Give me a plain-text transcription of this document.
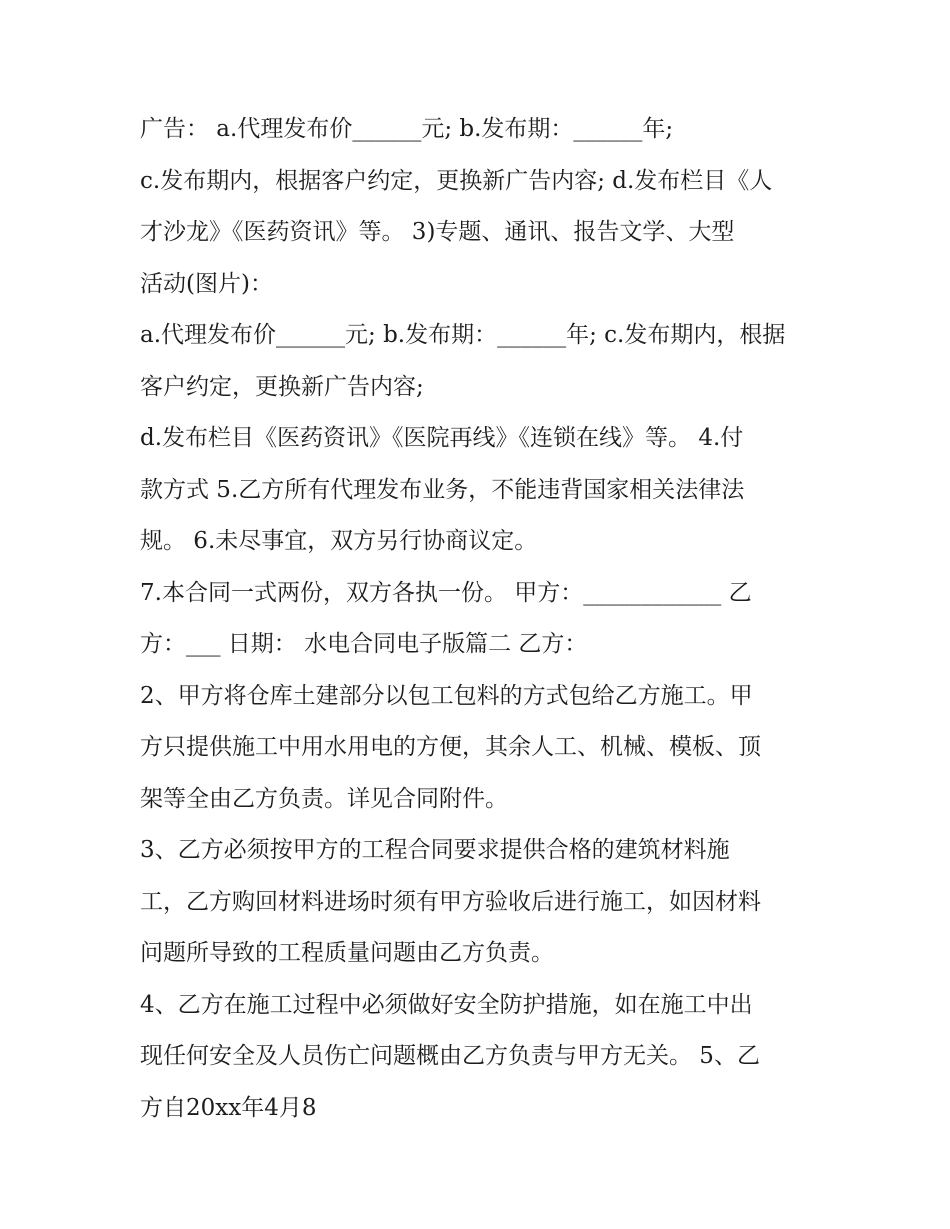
广告： a.代理发布价______元; b.发布期：______年;
c.发布期内，根据客户约定，更换新广告内容; d.发布栏目《人
才沙龙》《医药资讯》等。 3)专题、通讯、报告文学、大型
活动(图片)：
a.代理发布价______元; b.发布期：______年; c.发布期内，根据
客户约定，更换新广告内容;
d.发布栏目《医药资讯》《医院再线》《连锁在线》等。 4.付
款方式 5.乙方所有代理发布业务，不能违背国家相关法律法
规。 6.未尽事宜，双方另行协商议定。
7.本合同一式两份，双方各执一份。 甲方：____________ 乙
方：___ 日期： 水电合同电子版篇二 乙方：
2、甲方将仓库土建部分以包工包料的方式包给乙方施工。甲
方只提供施工中用水用电的方便，其余人工、机械、模板、顶
架等全由乙方负责。详见合同附件。
3、乙方必须按甲方的工程合同要求提供合格的建筑材料施
工，乙方购回材料进场时须有甲方验收后进行施工，如因材料
问题所导致的工程质量问题由乙方负责。
4、乙方在施工过程中必须做好安全防护措施，如在施工中出
现任何安全及人员伤亡问题概由乙方负责与甲方无关。 5、乙
方自20xx年4月8
